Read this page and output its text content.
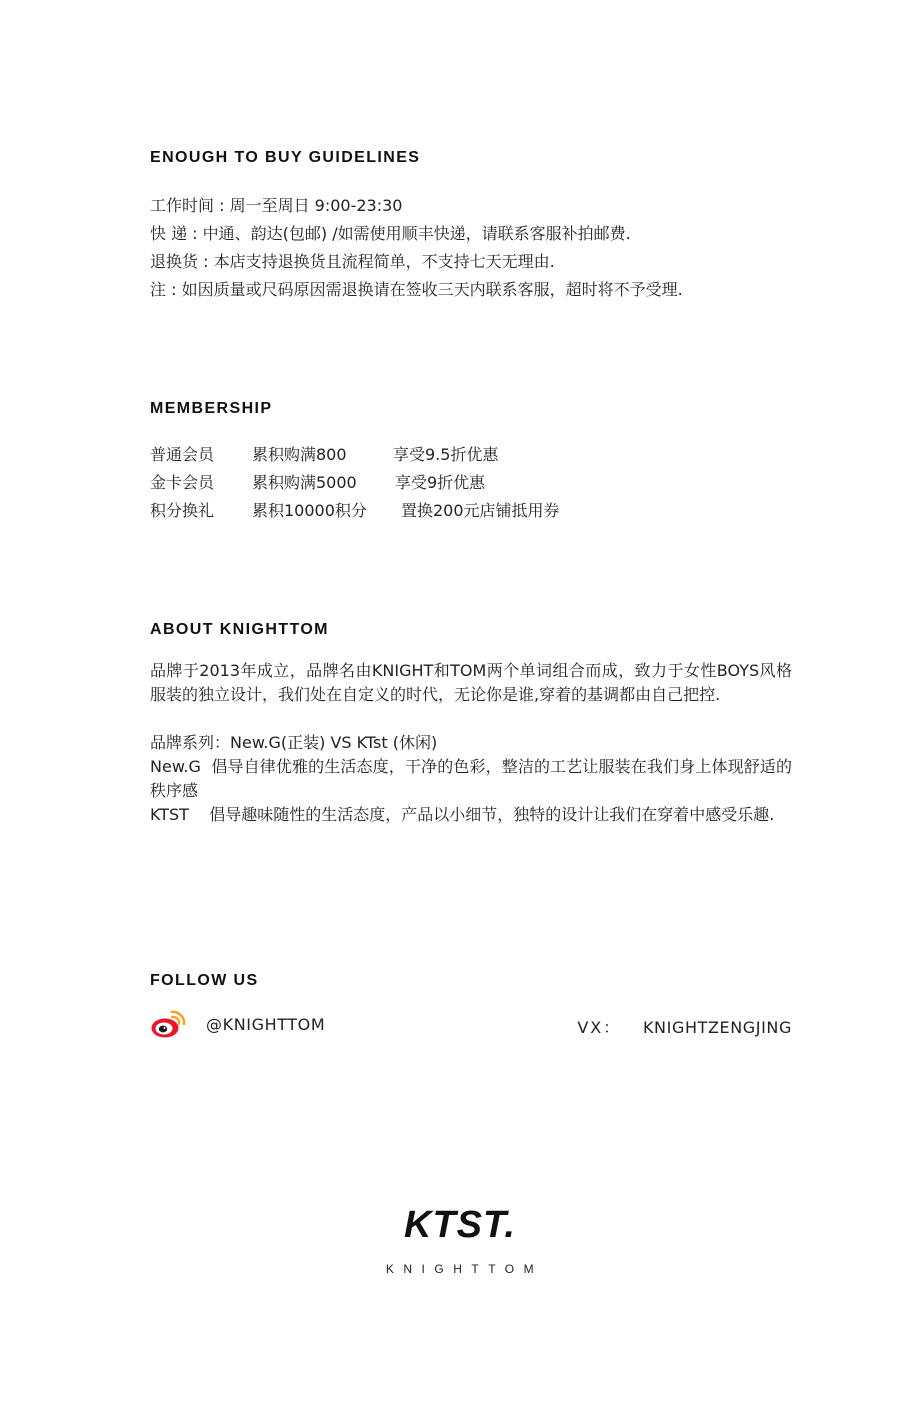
ENOUGH TO BUY GUIDELINES
工作时间 : 周一至周日 9:00-23:30
快 递 : 中通、韵达(包邮) /如需使用顺丰快递，请联系客服补拍邮费.
退换货 : 本店支持退换货且流程简单，不支持七天无理由.
注 : 如因质量或尺码原因需退换请在签收三天内联系客服，超时将不予受理.
MEMBERSHIP
普通会员 累积购满800	享受9.5折优惠
金卡会员 累积购满5000 享受9折优惠
积分换礼 累积10000积分 置换200元店铺抵用券
ABOUT KNIGHTTOM

品牌于2013年成立，品牌名由KNIGHT和TOM两个单词组合而成，致力于女性BOYS风格服装的独立设计，我们处在自定义的时代，无论你是谁,穿着的基调都由自己把控.

品牌系列：New.G(正装) VS KTst (休闲)

New.G  倡导自律优雅的生活态度，干净的色彩，整洁的工艺让服装在我们身上体现舒适的秩序感

KTST    倡导趣味随性的生活态度，产品以小细节，独特的设计让我们在穿着中感受乐趣.

FOLLOW US
@KNIGHTTOM	VX： KNIGHTZENGJING
KTST.
KNIGHTTOM
